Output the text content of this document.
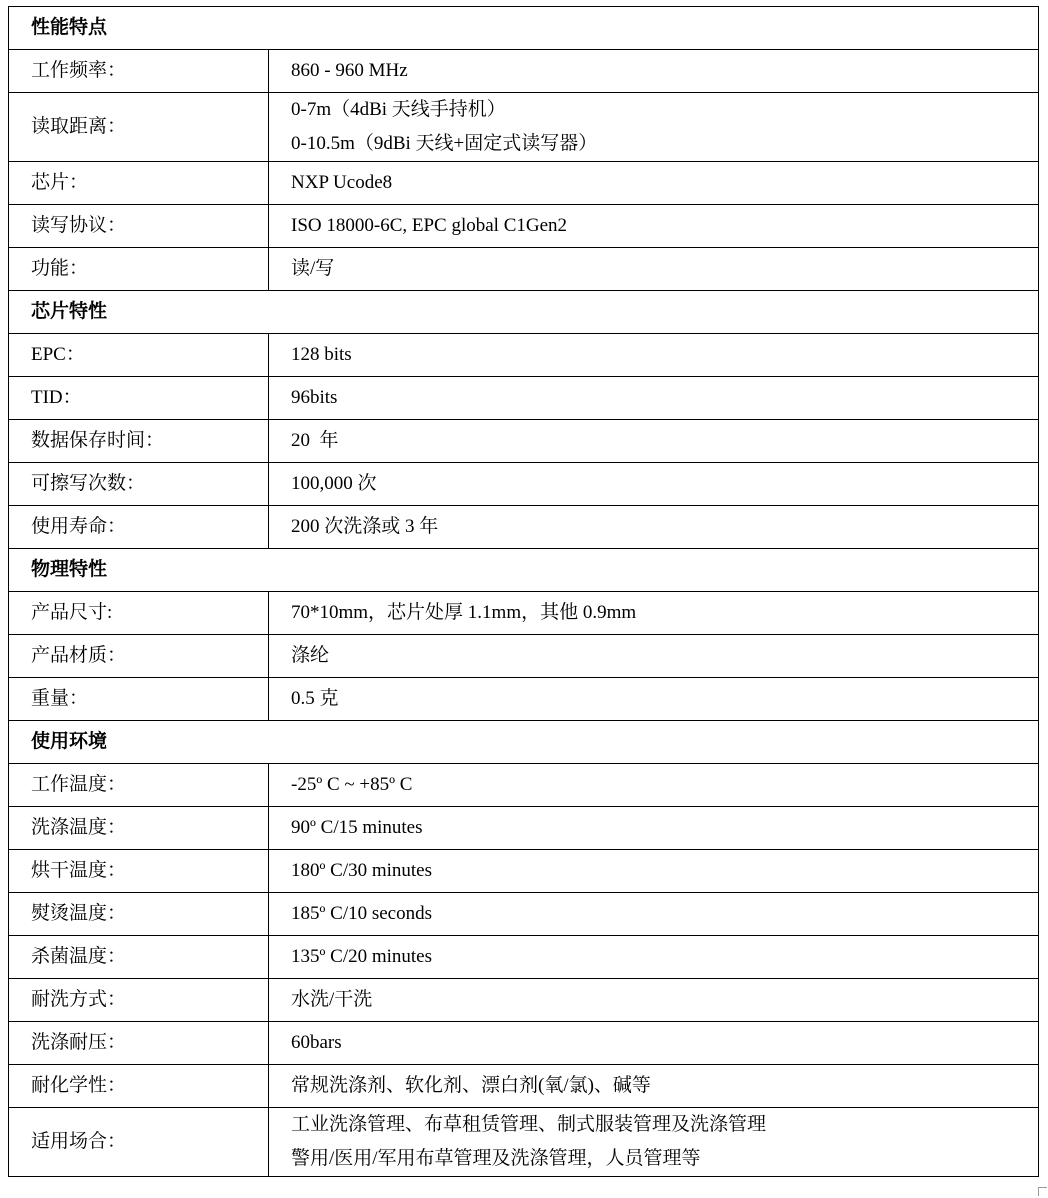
性能特点	
工作频率：	860 - 960 MHz
读取距离：	0-7m（4dBi 天线手持机）
0-10.5m（9dBi 天线+固定式读写器）

芯片：	NXP Ucode8
读写协议：	ISO 18000-6C, EPC global C1Gen2
功能：	读/写
芯片特性	
EPC：	128 bits
TID：	96bits
数据保存时间：	20  年
可擦写次数：	100,000 次
使用寿命：	200 次洗涤或 3 年
物理特性	
产品尺寸:	70*10mm，芯片处厚 1.1mm，其他 0.9mm
产品材质：	涤纶
重量：	0.5 克
使用环境	
工作温度：	-25º C ~ +85º C
洗涤温度：	90º C/15 minutes
烘干温度：	180º C/30 minutes
熨烫温度：	185º C/10 seconds
杀菌温度：	135º C/20 minutes
耐洗方式：	水洗/干洗
洗涤耐压：	60bars
耐化学性：	常规洗涤剂、软化剂、漂白剂(氧/氯)、碱等
适用场合：	工业洗涤管理、布草租赁管理、制式服装管理及洗涤管理
警用/医用/军用布草管理及洗涤管理，人员管理等
